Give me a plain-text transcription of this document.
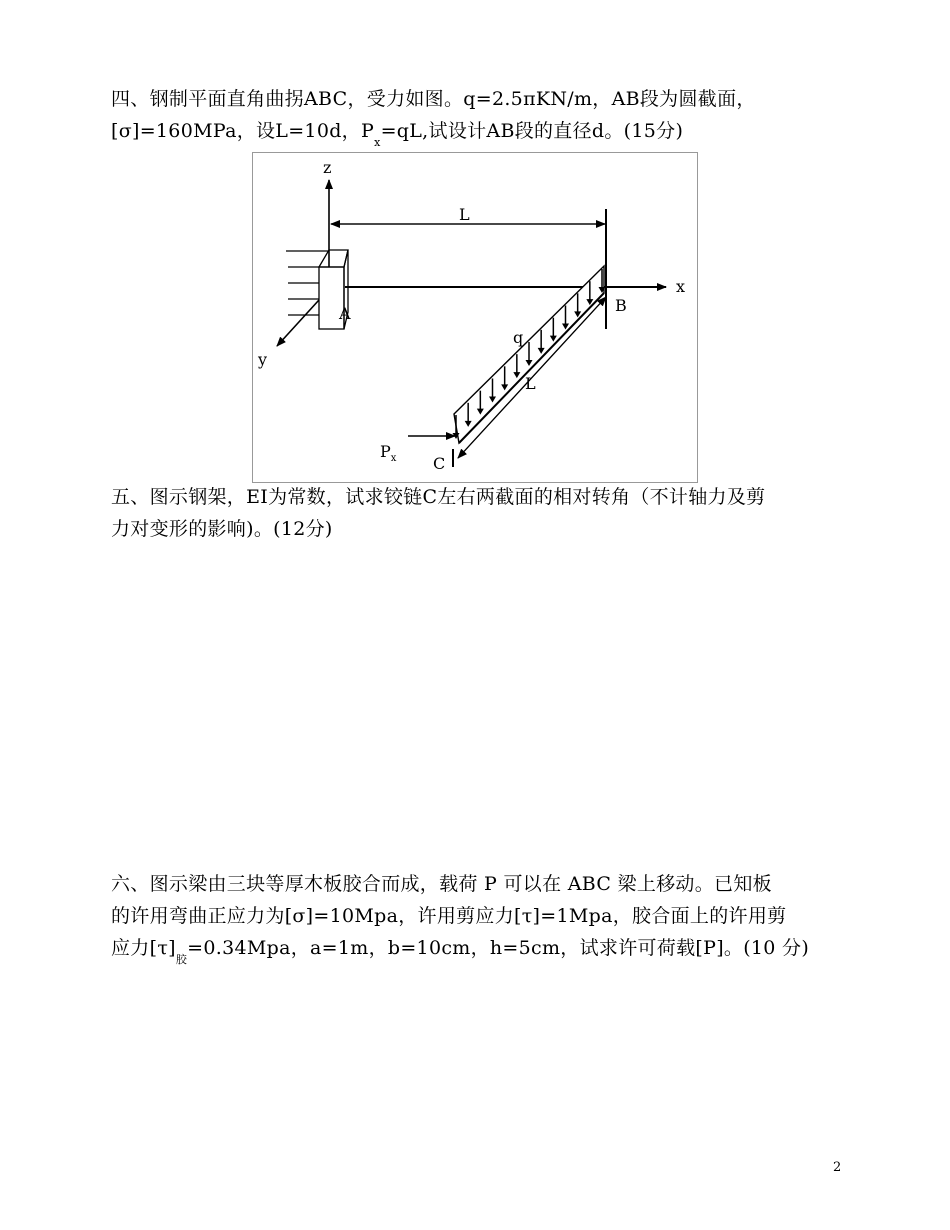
四、钢制平面直角曲拐ABC，受力如图。q=2.5πKN/m，AB段为圆截面，
[σ]=160MPa，设L=10d，$P_x=qL$,试设计AB段的直径d。(15分)
z
y
x
A
L
B
q
L
$P_x$ C
五、图示钢架，EI为常数，试求铰链C左右两截面的相对转角（不计轴力及剪
力对变形的影响)。(12分)
六、图示梁由三块等厚木板胶合而成，载荷 P 可以在 ABC 梁上移动。已知板
的许用弯曲正应力为[σ]=10Mpa，许用剪应力[τ]=1Mpa，胶合面上的许用剪
应力$[\tau]_胶=0.34Mpa$，a=1m，b=10cm，h=5cm，试求许可荷载[P]。(10 分)
2
